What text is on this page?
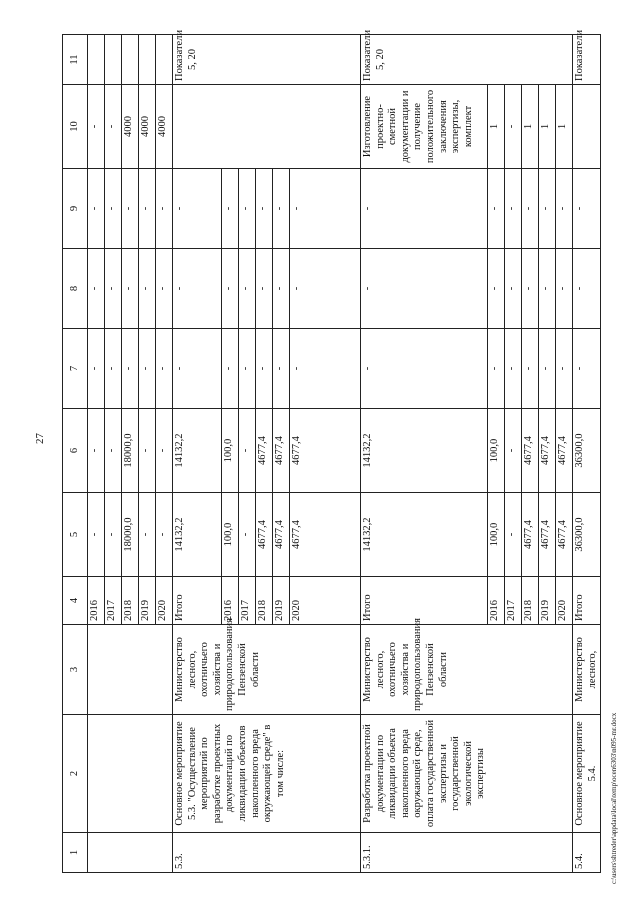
27
1	2	3	4	5	6	7	8	9	10	11
			2016	-	-	-	-	-	-	
			2017	-	-	-	-	-	-	
			2018	18000,0	18000,0	-	-	-	4000	
			2019	-	-	-	-	-	4000	
			2020	-	-	-	-	-	4000	
5.3.	Основное мероприятие 5.3. "Осуществление мероприятий по разработке проектных документаций по ликвидации объектов накопленного вреда окружающей среде" в том числе:	Министерство лесного, охотничьего хозяйства и природопользования Пензенской области	Итого	14132,2	14132,2	-	-	-		Показатели 5, 20
			2016	100,0	100,0	-	-	-		
			2017	-	-	-	-	-		
			2018	4677,4	4677,4	-	-	-		
			2019	4677,4	4677,4	-	-	-		
			2020	4677,4	4677,4	-	-	-		
5.3.1.	Разработка проектной документации по ликвидации объекта накопленного вреда окружающей среде, оплата государственной экспертизы и государственной экологической экспертизы	Министерство лесного, охотничьего хозяйства и природопользования Пензенской области	Итого	14132,2	14132,2	-	-	-	Изготовление проектно-сметной документации и получение положительного заключения экспертизы, комплект	Показатели 5, 20
			2016	100,0	100,0	-	-	-	1	
			2017	-	-	-	-	-	-	
			2018	4677,4	4677,4	-	-	-	1	
			2019	4677,4	4677,4	-	-	-	1	
			2020	4677,4	4677,4	-	-	-	1	
5.4.	Основное мероприятие 5.4.	Министерство лесного,	Итого	36300,0	36300,0	-	-	-		Показатели
c:\users\shtreder\appdata\local\temp\ocen6303\n095-mr.docx
